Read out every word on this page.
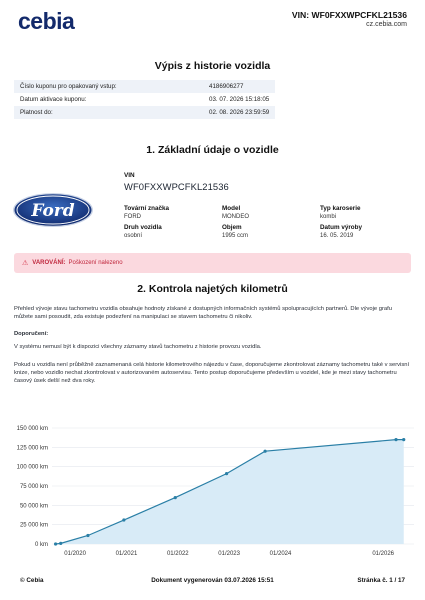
cebia	VIN: WF0FXXWPCFKL21536
cz.cebia.com
Výpis z historie vozidla
Číslo kuponu pro opakovaný vstup:	4186906277
Datum aktivace kuponu:	03. 07. 2026 15:18:05
Platnost do:	02. 08. 2026 23:59:59
1. Základní údaje o vozidle
Ford
VIN
WF0FXXWPCFKL21536
Tovární značka
FORD
Model
MONDEO
Typ karoserie
kombi
Druh vozidla
osobní
Objem
1995 ccm
Datum výroby
16. 05. 2019
⚠ VAROVÁNÍ: Poškození nalezeno
2. Kontrola najetých kilometrů
Přehled vývoje stavu tachometru vozidla obsahuje hodnoty získané z dostupných informačních systémů spolupracujících partnerů. Dle vývoje grafu můžete sami posoudit, zda existuje podezření na manipulaci se stavem tachometru či nikoliv.
Doporučení:
V systému nemusí být k dispozici všechny záznamy stavů tachometru z historie provozu vozidla.
Pokud u vozidla není průběžně zaznamenaná celá historie kilometrového nájezdu v čase, doporučujeme zkontrolovat záznamy tachometru také v servisní knize, nebo vozidlo nechat zkontrolovat v autorizovaném autoservisu. Tento postup doporučujeme především u vozidel, kde je mezi stavy tachometru časový úsek delší než dva roky.
0 km
25 000 km
50 000 km
75 000 km
100 000 km
125 000 km
150 000 km
01/2020	01/2021	01/2022	01/2023	01/2024	01/2026
© Cebia	Dokument vygenerován 03.07.2026 15:51	Stránka č. 1 / 17
